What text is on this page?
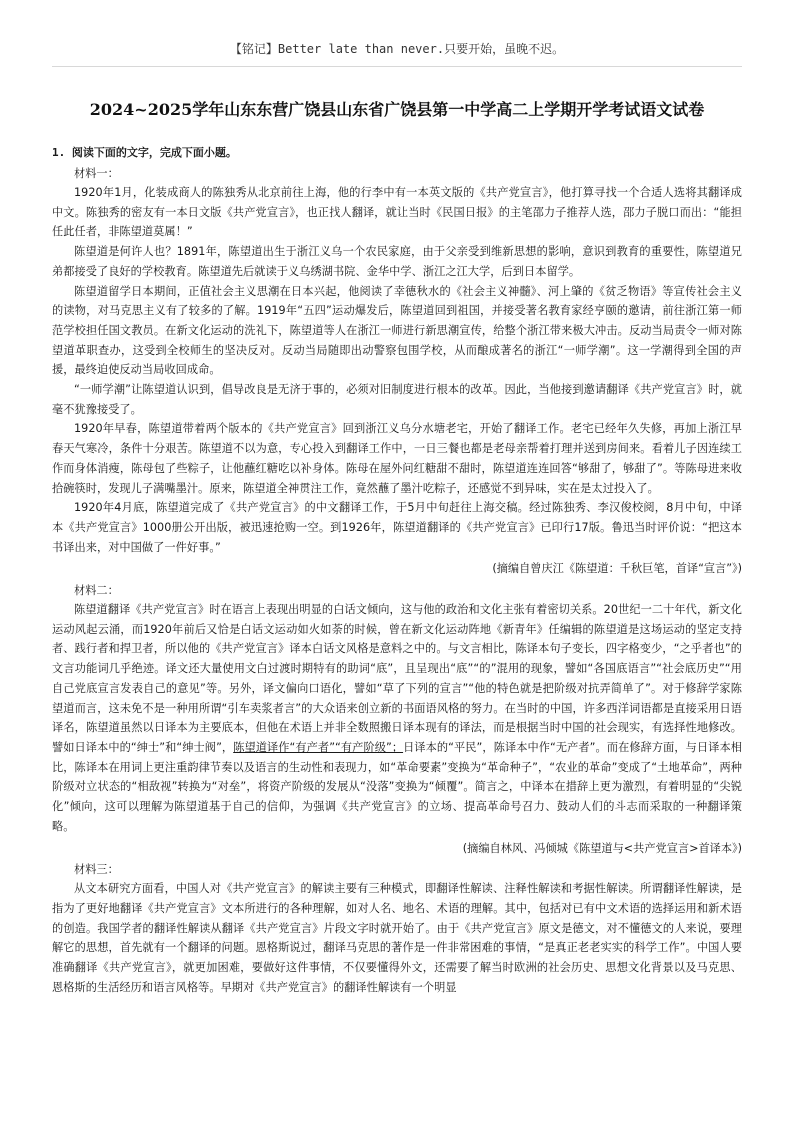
【铭记】Better late than never.只要开始，虽晚不迟。
2024~2025学年山东东营广饶县山东省广饶县第一中学高二上学期开学考试语文试卷

1. 阅读下面的文字，完成下面小题。

材料一：

1920年1月，化装成商人的陈独秀从北京前往上海，他的行李中有一本英文版的《共产党宣言》，他打算寻找一个合适人选将其翻译成中文。陈独秀的密友有一本日文版《共产党宣言》，也正找人翻译，就让当时《民国日报》的主笔邵力子推荐人选，邵力子脱口而出：“能担任此任者，非陈望道莫属！”

陈望道是何许人也？1891年，陈望道出生于浙江义乌一个农民家庭，由于父亲受到维新思想的影响，意识到教育的重要性，陈望道兄弟都接受了良好的学校教育。陈望道先后就读于义乌绣湖书院、金华中学、浙江之江大学，后到日本留学。

陈望道留学日本期间，正值社会主义思潮在日本兴起，他阅读了幸德秋水的《社会主义神髓》、河上肇的《贫乏物语》等宣传社会主义的读物，对马克思主义有了较多的了解。1919年“五四”运动爆发后，陈望道回到祖国，并接受著名教育家经亨颐的邀请，前往浙江第一师范学校担任国文教员。在新文化运动的洗礼下，陈望道等人在浙江一师进行新思潮宣传，给整个浙江带来极大冲击。反动当局责令一师对陈望道革职查办，这受到全校师生的坚决反对。反动当局随即出动警察包围学校，从而酿成著名的浙江“一师学潮”。这一学潮得到全国的声援，最终迫使反动当局收回成命。

“一师学潮”让陈望道认识到，倡导改良是无济于事的，必须对旧制度进行根本的改革。因此，当他接到邀请翻译《共产党宣言》时，就毫不犹豫接受了。

1920年早春，陈望道带着两个版本的《共产党宣言》回到浙江义乌分水塘老宅，开始了翻译工作。老宅已经年久失修，再加上浙江早春天气寒冷，条件十分艰苦。陈望道不以为意，专心投入到翻译工作中，一日三餐也都是老母亲帮着打理并送到房间来。看着儿子因连续工作而身体消瘦，陈母包了些粽子，让他蘸红糖吃以补身体。陈母在屋外问红糖甜不甜时，陈望道连连回答“够甜了，够甜了”。等陈母进来收拾碗筷时，发现儿子满嘴墨汁。原来，陈望道全神贯注工作，竟然蘸了墨汁吃粽子，还感觉不到异味，实在是太过投入了。

1920年4月底，陈望道完成了《共产党宣言》的中文翻译工作，于5月中旬赶往上海交稿。经过陈独秀、李汉俊校阅，8月中旬，中译本《共产党宣言》1000册公开出版，被迅速抢购一空。到1926年，陈望道翻译的《共产党宣言》已印行17版。鲁迅当时评价说：“把这本书译出来，对中国做了一件好事。”

(摘编自曾庆江《陈望道：千秋巨笔，首译“宣言”》)

材料二：

陈望道翻译《共产党宣言》时在语言上表现出明显的白话文倾向，这与他的政治和文化主张有着密切关系。20世纪一二十年代，新文化运动风起云涌，而1920年前后又恰是白话文运动如火如荼的时候，曾在新文化运动阵地《新青年》任编辑的陈望道是这场运动的坚定支持者、践行者和捍卫者，所以他的《共产党宣言》译本白话文风格是意料之中的。与文言相比，陈译本句子变长，四字格变少，“之乎者也”的文言功能词几乎绝迹。译文还大量使用文白过渡时期特有的助词“底”，且呈现出“底”“的”混用的现象，譬如“各国底语言”“社会底历史”“用自己党底宣言发表自己的意见”等。另外，译文偏向口语化，譬如“草了下列的宣言”“他的特色就是把阶级对抗弄简单了”。对于修辞学家陈望道而言，这未免不是一种用所谓“引车卖浆者言”的大众语来创立新的书面语风格的努力。在当时的中国，许多西洋词语都是直接采用日语译名，陈望道虽然以日译本为主要底本，但他在术语上并非全数照搬日译本现有的译法，而是根据当时中国的社会现实，有选择性地修改。譬如日译本中的“绅士”和“绅士阀”，陈望道译作“有产者”“有产阶级”；日译本的“平民”，陈译本中作“无产者”。而在修辞方面，与日译本相比，陈译本在用词上更注重韵律节奏以及语言的生动性和表现力，如“革命要素”变换为“革命种子”，“农业的革命”变成了“土地革命”，两种阶级对立状态的“相敌视”转换为“对垒”，将资产阶级的发展从“没落”变换为“倾覆”。简言之，中译本在措辞上更为激烈，有着明显的“尖锐化”倾向，这可以理解为陈望道基于自己的信仰，为强调《共产党宣言》的立场、提高革命号召力、鼓动人们的斗志而采取的一种翻译策略。

(摘编自林风、冯倾城《陈望道与<共产党宣言>首译本》)

材料三：

从文本研究方面看，中国人对《共产党宣言》的解读主要有三种模式，即翻译性解读、注释性解读和考据性解读。所谓翻译性解读，是指为了更好地翻译《共产党宣言》文本所进行的各种理解，如对人名、地名、术语的理解。其中，包括对已有中文术语的选择运用和新术语的创造。我国学者的翻译性解读从翻译《共产党宣言》片段文字时就开始了。由于《共产党宣言》原文是德文，对不懂德文的人来说，要理解它的思想，首先就有一个翻译的问题。恩格斯说过，翻译马克思的著作是一件非常困难的事情，“是真正老老实实的科学工作”。中国人要准确翻译《共产党宣言》，就更加困难，要做好这件事情，不仅要懂得外文，还需要了解当时欧洲的社会历史、思想文化背景以及马克思、恩格斯的生活经历和语言风格等。早期对《共产党宣言》的翻译性解读有一个明显
